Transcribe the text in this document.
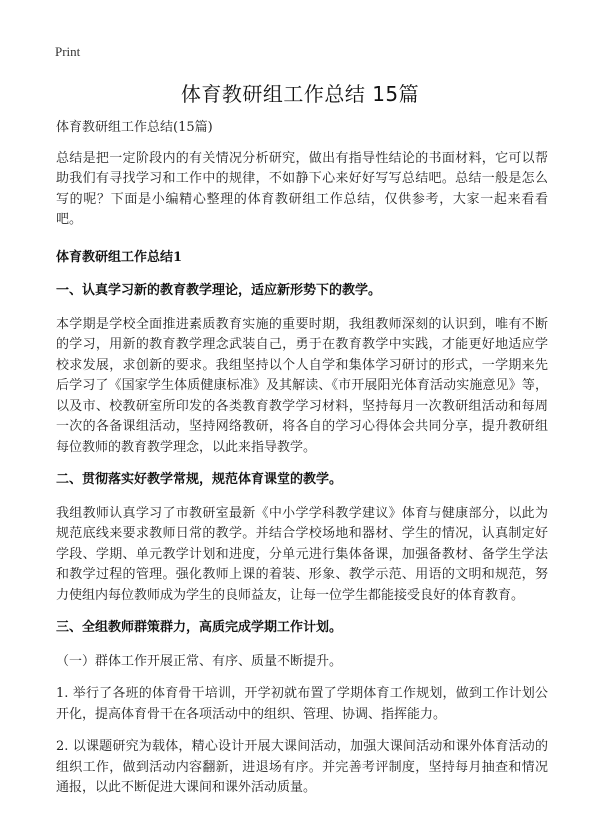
Print
体育教研组工作总结 15篇

体育教研组工作总结(15篇)

总结是把一定阶段内的有关情况分析研究，做出有指导性结论的书面材料，它可以帮助我们有寻找学习和工作中的规律，不如静下心来好好写写总结吧。总结一般是怎么写的呢？下面是小编精心整理的体育教研组工作总结，仅供参考，大家一起来看看吧。

体育教研组工作总结1

一、认真学习新的教育教学理论，适应新形势下的教学。

本学期是学校全面推进素质教育实施的重要时期，我组教师深刻的认识到，唯有不断的学习，用新的教育教学理念武装自己，勇于在教育教学中实践，才能更好地适应学校求发展，求创新的要求。我组坚持以个人自学和集体学习研讨的形式，一学期来先后学习了《国家学生体质健康标准》及其解读、《市开展阳光体育活动实施意见》等，以及市、校教研室所印发的各类教育教学学习材料，坚持每月一次教研组活动和每周一次的各备课组活动，坚持网络教研，将各自的学习心得体会共同分享，提升教研组每位教师的教育教学理念，以此来指导教学。

二、贯彻落实好教学常规，规范体育课堂的教学。

我组教师认真学习了市教研室最新《中小学学科教学建议》体育与健康部分，以此为规范底线来要求教师日常的教学。并结合学校场地和器材、学生的情况，认真制定好学段、学期、单元教学计划和进度，分单元进行集体备课，加强备教材、备学生学法和教学过程的管理。强化教师上课的着装、形象、教学示范、用语的文明和规范，努力使组内每位教师成为学生的良师益友，让每一位学生都能接受良好的体育教育。

三、全组教师群策群力，高质完成学期工作计划。

（一）群体工作开展正常、有序、质量不断提升。

1. 举行了各班的体育骨干培训，开学初就布置了学期体育工作规划，做到工作计划公开化，提高体育骨干在各项活动中的组织、管理、协调、指挥能力。

2. 以课题研究为载体，精心设计开展大课间活动，加强大课间活动和课外体育活动的组织工作，做到活动内容翻新，进退场有序。并完善考评制度，坚持每月抽查和情况通报，以此不断促进大课间和课外活动质量。
